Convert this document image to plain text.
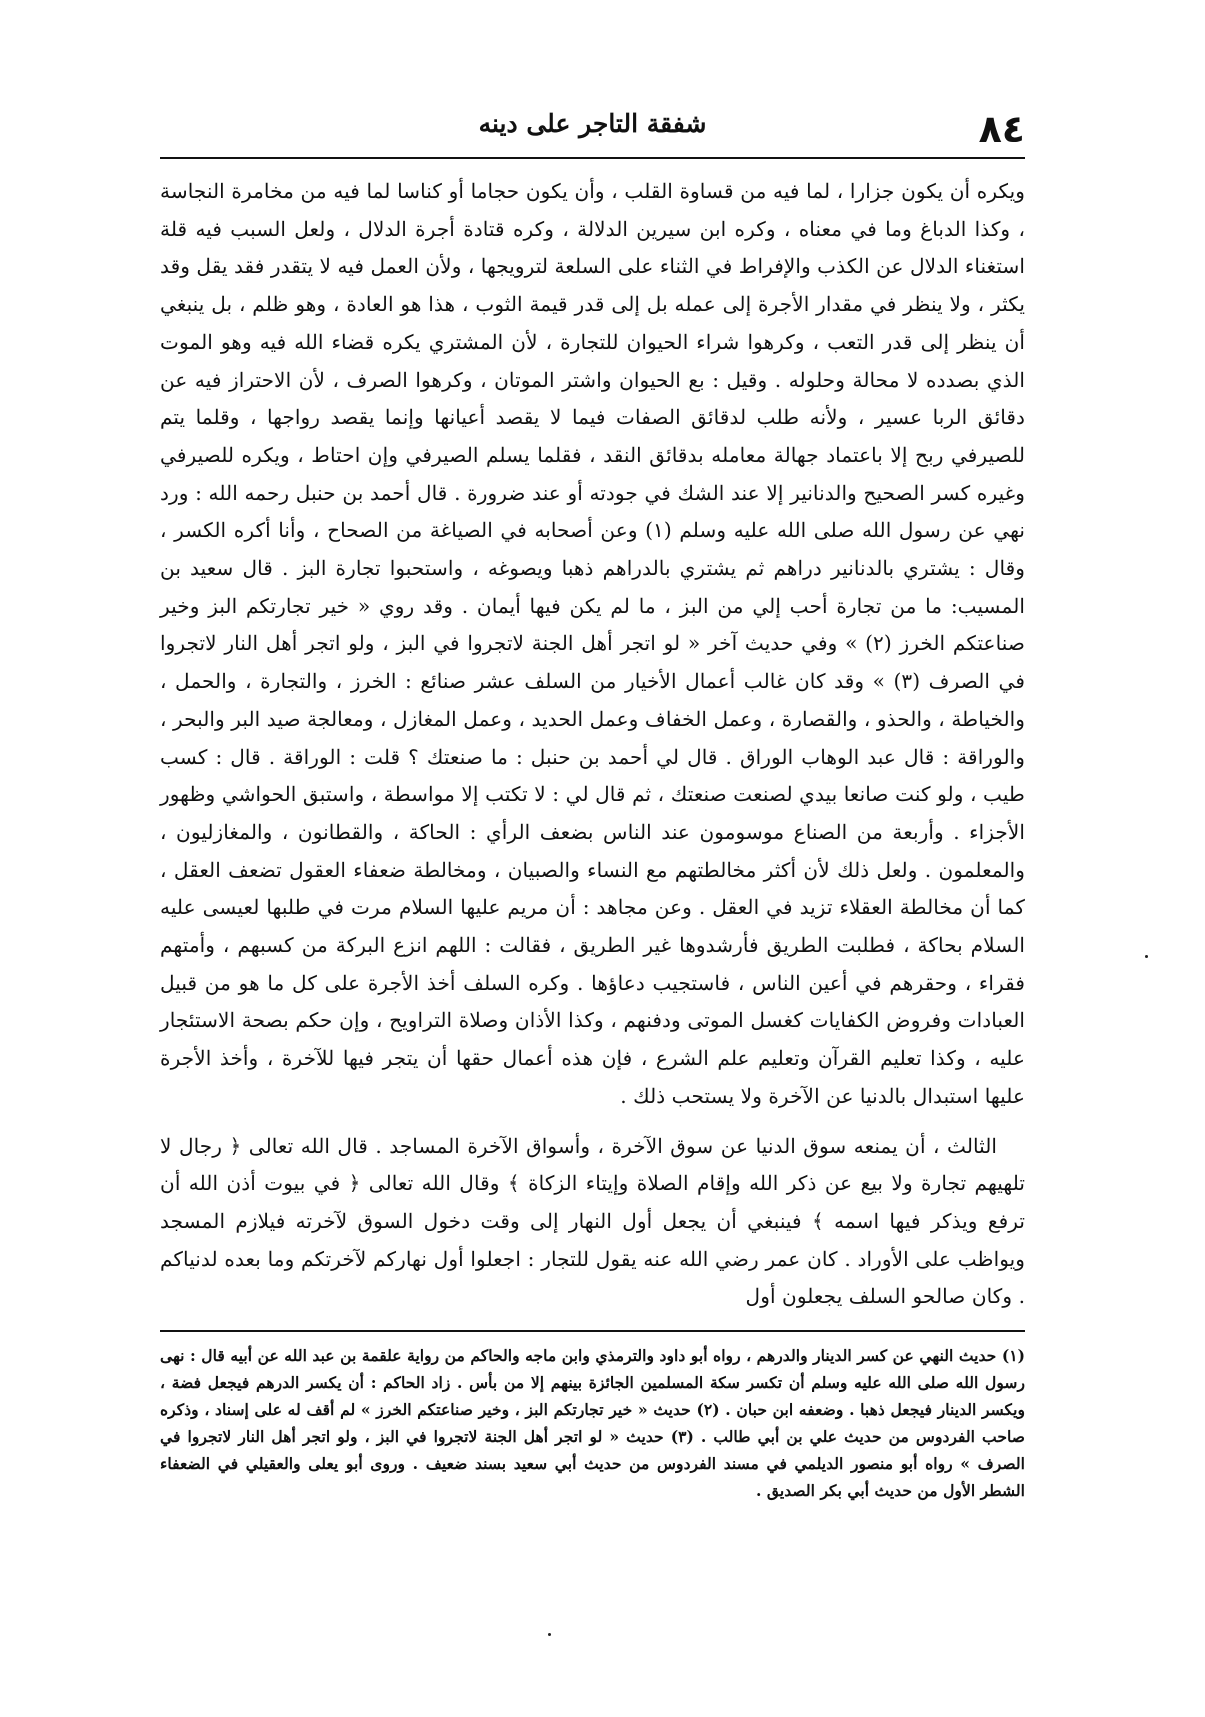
٨٤
شفقة التاجر على دينه

ويكره أن يكون جزارا ، لما فيه من قساوة القلب ، وأن يكون حجاما أو كناسا لما فيه من مخامرة النجاسة ، وكذا الدباغ وما في معناه ، وكره ابن سيرين الدلالة ، وكره قتادة أجرة الدلال ، ولعل السبب فيه قلة استغناء الدلال عن الكذب والإفراط في الثناء على السلعة لترويجها ، ولأن العمل فيه لا يتقدر فقد يقل وقد يكثر ، ولا ينظر في مقدار الأجرة إلى عمله بل إلى قدر قيمة الثوب ، هذا هو العادة ، وهو ظلم ، بل ينبغي أن ينظر إلى قدر التعب ، وكرهوا شراء الحيوان للتجارة ، لأن المشتري يكره قضاء الله فيه وهو الموت الذي بصدده لا محالة وحلوله . وقيل : بع الحيوان واشتر الموتان ، وكرهوا الصرف ، لأن الاحتراز فيه عن دقائق الربا عسير ، ولأنه طلب لدقائق الصفات فيما لا يقصد أعيانها وإنما يقصد رواجها ، وقلما يتم للصيرفي ربح إلا باعتماد جهالة معامله بدقائق النقد ، فقلما يسلم الصيرفي وإن احتاط ، ويكره للصيرفي وغيره كسر الصحيح والدنانير إلا عند الشك في جودته أو عند ضرورة . قال أحمد بن حنبل رحمه الله : ورد نهي عن رسول الله صلى الله عليه وسلم (١) وعن أصحابه في الصياغة من الصحاح ، وأنا أكره الكسر ، وقال : يشتري بالدنانير دراهم ثم يشتري بالدراهم ذهبا ويصوغه ، واستحبوا تجارة البز . قال سعيد بن المسيب: ما من تجارة أحب إلي من البز ، ما لم يكن فيها أيمان . وقد روي « خير تجارتكم البز وخير صناعتكم الخرز (٢) » وفي حديث آخر « لو اتجر أهل الجنة لاتجروا في البز ، ولو اتجر أهل النار لاتجروا في الصرف (٣) » وقد كان غالب أعمال الأخيار من السلف عشر صنائع : الخرز ، والتجارة ، والحمل ، والخياطة ، والحذو ، والقصارة ، وعمل الخفاف وعمل الحديد ، وعمل المغازل ، ومعالجة صيد البر والبحر ، والوراقة : قال عبد الوهاب الوراق . قال لي أحمد بن حنبل : ما صنعتك ؟ قلت : الوراقة . قال : كسب طيب ، ولو كنت صانعا بيدي لصنعت صنعتك ، ثم قال لي : لا تكتب إلا مواسطة ، واستبق الحواشي وظهور الأجزاء . وأربعة من الصناع موسومون عند الناس بضعف الرأي : الحاكة ، والقطانون ، والمغازليون ، والمعلمون . ولعل ذلك لأن أكثر مخالطتهم مع النساء والصبيان ، ومخالطة ضعفاء العقول تضعف العقل ، كما أن مخالطة العقلاء تزيد في العقل . وعن مجاهد : أن مريم عليها السلام مرت في طلبها لعيسى عليه السلام بحاكة ، فطلبت الطريق فأرشدوها غير الطريق ، فقالت : اللهم انزع البركة من كسبهم ، وأمتهم فقراء ، وحقرهم في أعين الناس ، فاستجيب دعاؤها . وكره السلف أخذ الأجرة على كل ما هو من قبيل العبادات وفروض الكفايات كغسل الموتى ودفنهم ، وكذا الأذان وصلاة التراويح ، وإن حكم بصحة الاستئجار عليه ، وكذا تعليم القرآن وتعليم علم الشرع ، فإن هذه أعمال حقها أن يتجر فيها للآخرة ، وأخذ الأجرة عليها استبدال بالدنيا عن الآخرة ولا يستحب ذلك .

الثالث ، أن يمنعه سوق الدنيا عن سوق الآخرة ، وأسواق الآخرة المساجد . قال الله تعالى ﴿ رجال لا تلهيهم تجارة ولا بيع عن ذكر الله وإقام الصلاة وإيتاء الزكاة ﴾ وقال الله تعالى ﴿ في بيوت أذن الله أن ترفع ويذكر فيها اسمه ﴾ فينبغي أن يجعل أول النهار إلى وقت دخول السوق لآخرته فيلازم المسجد ويواظب على الأوراد . كان عمر رضي الله عنه يقول للتجار : اجعلوا أول نهاركم لآخرتكم وما بعده لدنياكم . وكان صالحو السلف يجعلون أول

(١) حديث النهي عن كسر الدينار والدرهم ، رواه أبو داود والترمذي وابن ماجه والحاكم من رواية علقمة بن عبد الله عن أبيه قال : نهى رسول الله صلى الله عليه وسلم أن تكسر سكة المسلمين الجائزة بينهم إلا من بأس . زاد الحاكم : أن يكسر الدرهم فيجعل فضة ، ويكسر الدينار فيجعل ذهبا . وضعفه ابن حبان . (٢) حديث « خير تجارتكم البز ، وخير صناعتكم الخرز » لم أقف له على إسناد ، وذكره صاحب الفردوس من حديث علي بن أبي طالب . (٣) حديث « لو اتجر أهل الجنة لاتجروا في البز ، ولو اتجر أهل النار لاتجروا في الصرف » رواه أبو منصور الديلمي في مسند الفردوس من حديث أبي سعيد بسند ضعيف . وروى أبو يعلى والعقيلي في الضعفاء الشطر الأول من حديث أبي بكر الصديق .
